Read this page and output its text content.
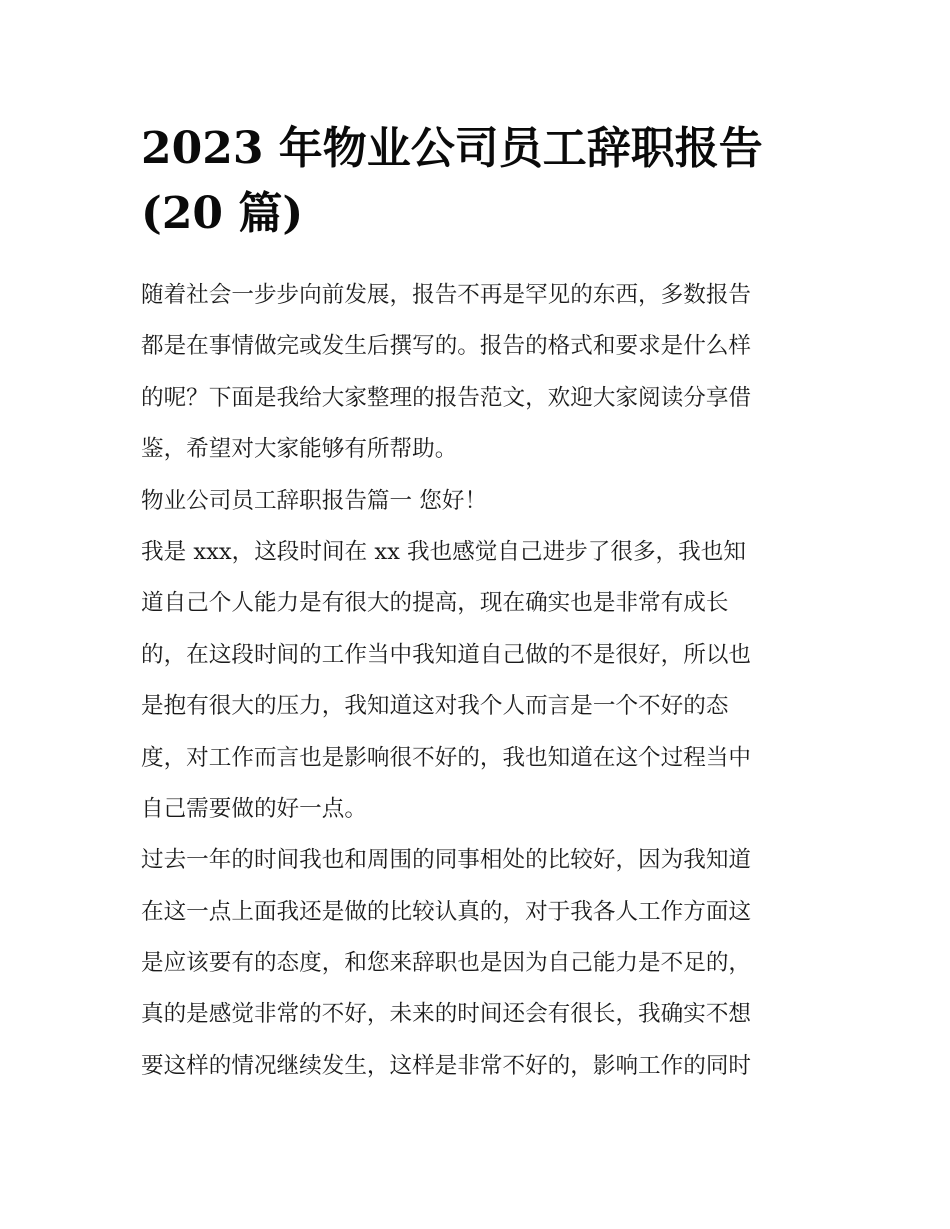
2023 年物业公司员工辞职报告
(20 篇)
随着社会一步步向前发展，报告不再是罕见的东西，多数报告
都是在事情做完或发生后撰写的。报告的格式和要求是什么样
的呢？下面是我给大家整理的报告范文，欢迎大家阅读分享借
鉴，希望对大家能够有所帮助。
物业公司员工辞职报告篇一 您好！
我是 xxx，这段时间在 xx 我也感觉自己进步了很多，我也知
道自己个人能力是有很大的提高，现在确实也是非常有成长
的，在这段时间的工作当中我知道自己做的不是很好，所以也
是抱有很大的压力，我知道这对我个人而言是一个不好的态
度，对工作而言也是影响很不好的，我也知道在这个过程当中
自己需要做的好一点。
过去一年的时间我也和周围的同事相处的比较好，因为我知道
在这一点上面我还是做的比较认真的，对于我各人工作方面这
是应该要有的态度，和您来辞职也是因为自己能力是不足的，
真的是感觉非常的不好，未来的时间还会有很长，我确实不想
要这样的情况继续发生，这样是非常不好的，影响工作的同时
